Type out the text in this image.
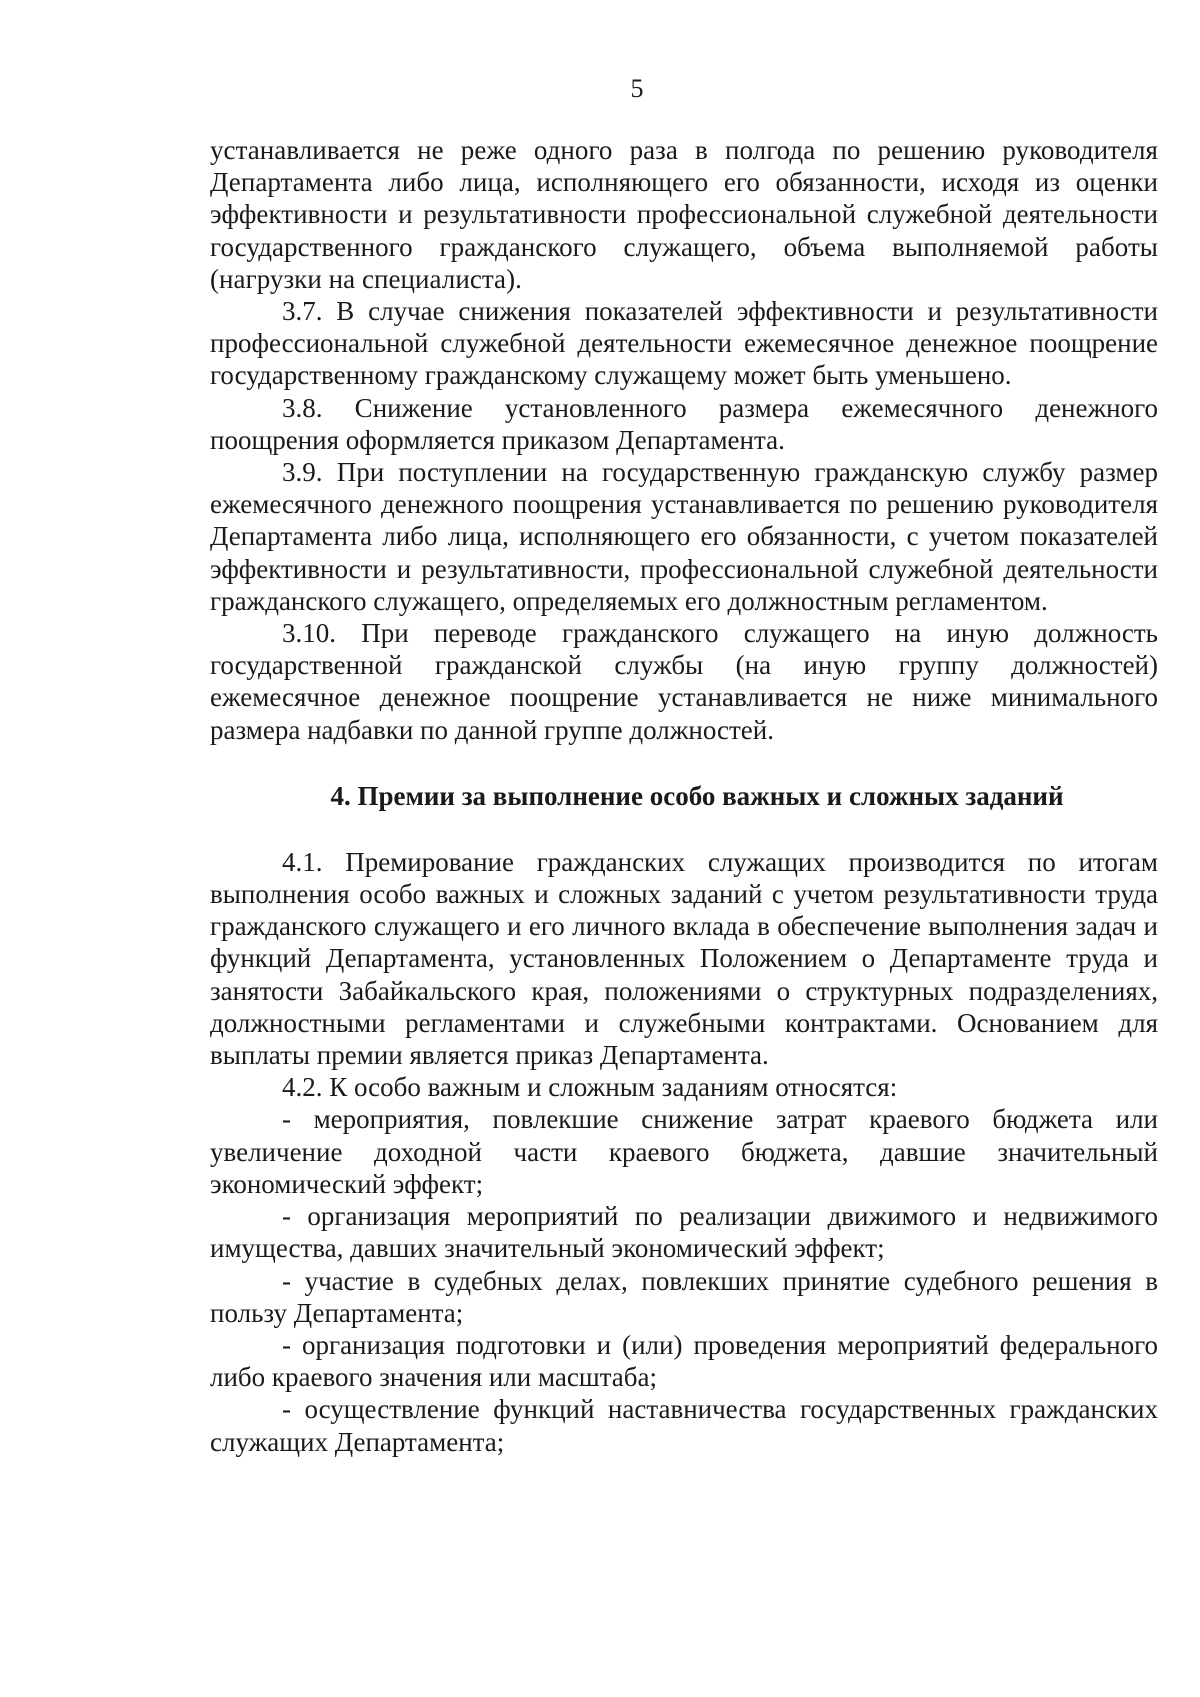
5

устанавливается не реже одного раза в полгода по решению руководителя Департамента либо лица, исполняющего его обязанности, исходя из оценки эффективности и результативности профессиональной служебной деятельности государственного гражданского служащего, объема выполняемой работы (нагрузки на специалиста).

3.7. В случае снижения показателей эффективности и результативности профессиональной служебной деятельности ежемесячное денежное поощрение государственному гражданскому служащему может быть уменьшено.

3.8. Снижение установленного размера ежемесячного денежного поощрения оформляется приказом Департамента.

3.9. При поступлении на государственную гражданскую службу размер ежемесячного денежного поощрения устанавливается по решению руководителя Департамента либо лица, исполняющего его обязанности, с учетом показателей эффективности и результативности, профессиональной служебной деятельности гражданского служащего, определяемых его должностным регламентом.

3.10. При переводе гражданского служащего на иную должность государственной гражданской службы (на иную группу должностей) ежемесячное денежное поощрение устанавливается не ниже минимального размера надбавки по данной группе должностей.

4. Премии за выполнение особо важных и сложных заданий

4.1. Премирование гражданских служащих производится по итогам выполнения особо важных и сложных заданий с учетом результативности труда гражданского служащего и его личного вклада в обеспечение выполнения задач и функций Департамента, установленных Положением о Департаменте труда и занятости Забайкальского края, положениями о структурных подразделениях, должностными регламентами и служебными контрактами. Основанием для выплаты премии является приказ Департамента.

4.2. К особо важным и сложным заданиям относятся:

- мероприятия, повлекшие снижение затрат краевого бюджета или увеличение доходной части краевого бюджета, давшие значительный экономический эффект;

- организация мероприятий по реализации движимого и недвижимого имущества, давших значительный экономический эффект;

- участие в судебных делах, повлекших принятие судебного решения в пользу Департамента;

- организация подготовки и (или) проведения мероприятий федерального либо краевого значения или масштаба;

- осуществление функций наставничества государственных гражданских служащих Департамента;
